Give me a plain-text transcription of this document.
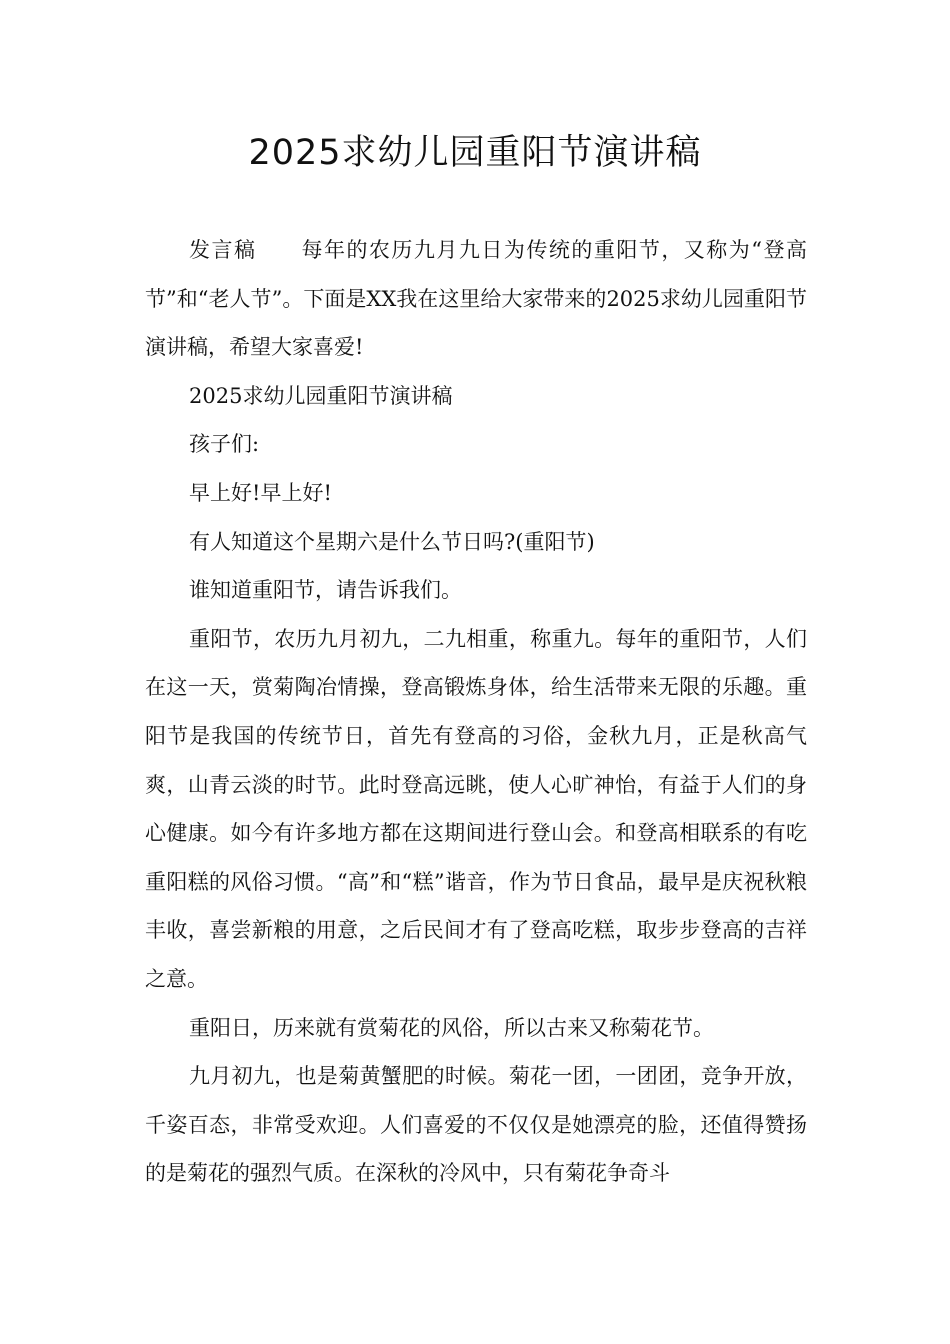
2025求幼儿园重阳节演讲稿

发言稿　　每年的农历九月九日为传统的重阳节，又称为“登高节”和“老人节”。下面是XX我在这里给大家带来的2025求幼儿园重阳节演讲稿，希望大家喜爱!

2025求幼儿园重阳节演讲稿

孩子们:

早上好!早上好!

有人知道这个星期六是什么节日吗?(重阳节)

谁知道重阳节，请告诉我们。

重阳节，农历九月初九，二九相重，称重九。每年的重阳节，人们在这一天，赏菊陶冶情操，登高锻炼身体，给生活带来无限的乐趣。重阳节是我国的传统节日，首先有登高的习俗，金秋九月，正是秋高气爽，山青云淡的时节。此时登高远眺，使人心旷神怡，有益于人们的身心健康。如今有许多地方都在这期间进行登山会。和登高相联系的有吃重阳糕的风俗习惯。“高”和“糕”谐音，作为节日食品，最早是庆祝秋粮丰收，喜尝新粮的用意，之后民间才有了登高吃糕，取步步登高的吉祥之意。

重阳日，历来就有赏菊花的风俗，所以古来又称菊花节。

九月初九，也是菊黄蟹肥的时候。菊花一团，一团团，竞争开放，千姿百态，非常受欢迎。人们喜爱的不仅仅是她漂亮的脸，还值得赞扬的是菊花的强烈气质。在深秋的冷风中，只有菊花争奇斗
